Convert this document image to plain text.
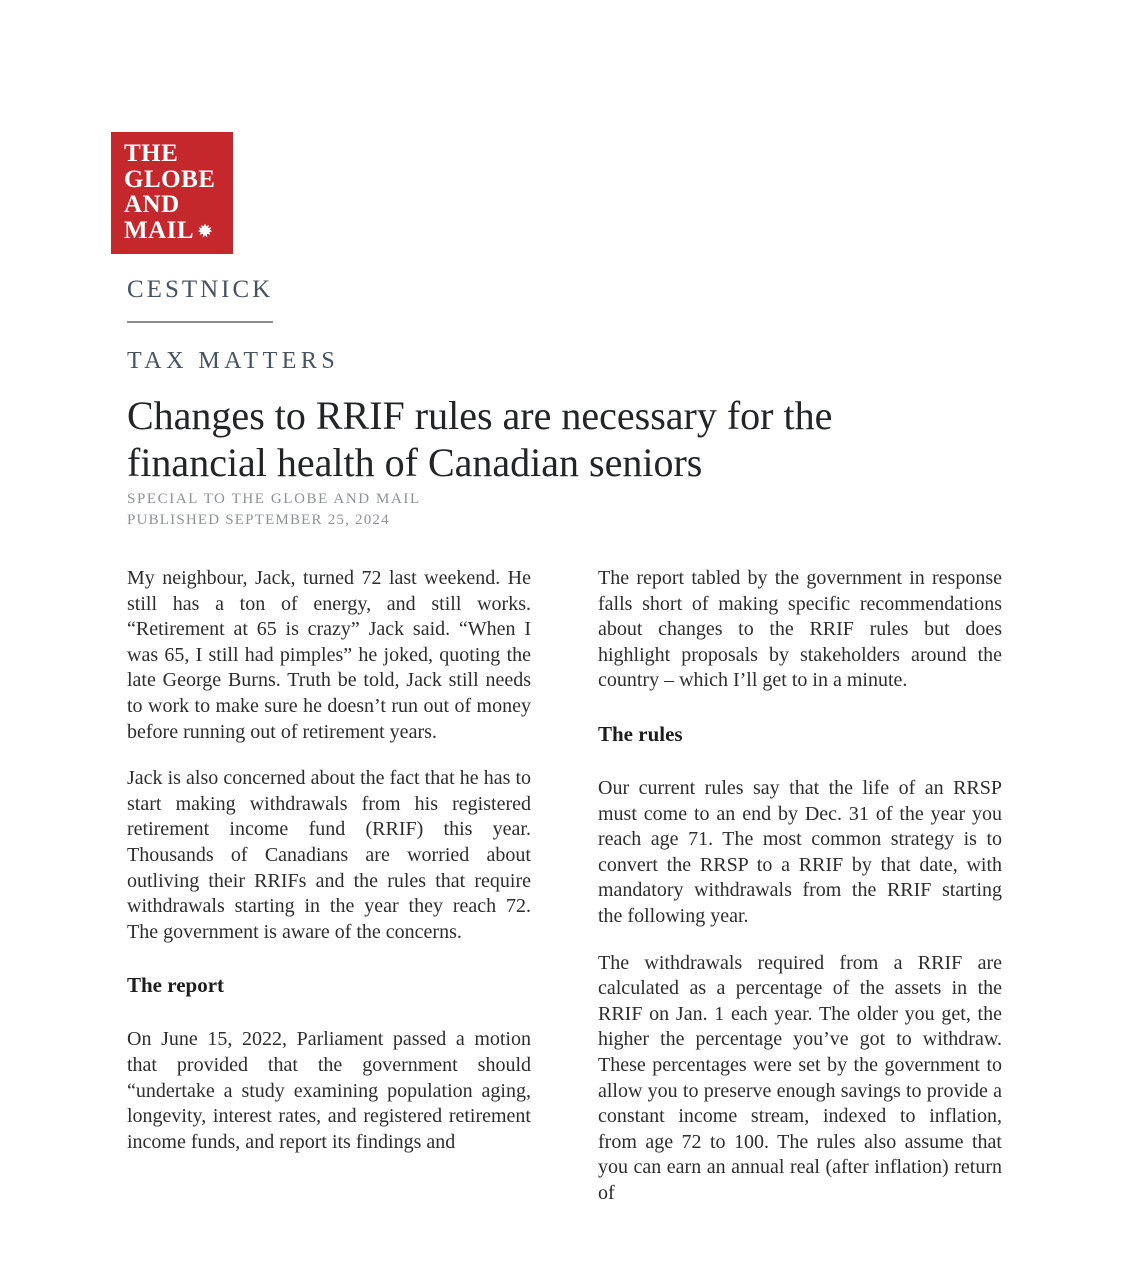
THE
GLOBE
AND
MAIL
CESTNICK
TAX MATTERS
Changes to RRIF rules are necessary for the
financial health of Canadian seniors
SPECIAL TO THE GLOBE AND MAIL
PUBLISHED SEPTEMBER 25, 2024

My neighbour, Jack, turned 72 last weekend. He still has a ton of energy, and still works. “Retirement at 65 is crazy” Jack said. “When I was 65, I still had pimples” he joked, quoting the late George Burns. Truth be told, Jack still needs to work to make sure he doesn’t run out of money before running out of retirement years.

Jack is also concerned about the fact that he has to start making withdrawals from his registered retirement income fund (RRIF) this year. Thousands of Canadians are worried about outliving their RRIFs and the rules that require withdrawals starting in the year they reach 72. The government is aware of the concerns.

The report

On June 15, 2022, Parliament passed a motion that provided that the government should “undertake a study examining population aging, longevity, interest rates, and registered retirement income funds, and report its findings and

The report tabled by the government in response falls short of making specific recommendations about changes to the RRIF rules but does highlight proposals by stakeholders around the country – which I’ll get to in a minute.

The rules

Our current rules say that the life of an RRSP must come to an end by Dec. 31 of the year you reach age 71. The most common strategy is to convert the RRSP to a RRIF by that date, with mandatory withdrawals from the RRIF starting the following year.

The withdrawals required from a RRIF are calculated as a percentage of the assets in the RRIF on Jan. 1 each year. The older you get, the higher the percentage you’ve got to withdraw. These percentages were set by the government to allow you to preserve enough savings to provide a constant income stream, indexed to inflation, from age 72 to 100. The rules also assume that you can earn an annual real (after inflation) return of
